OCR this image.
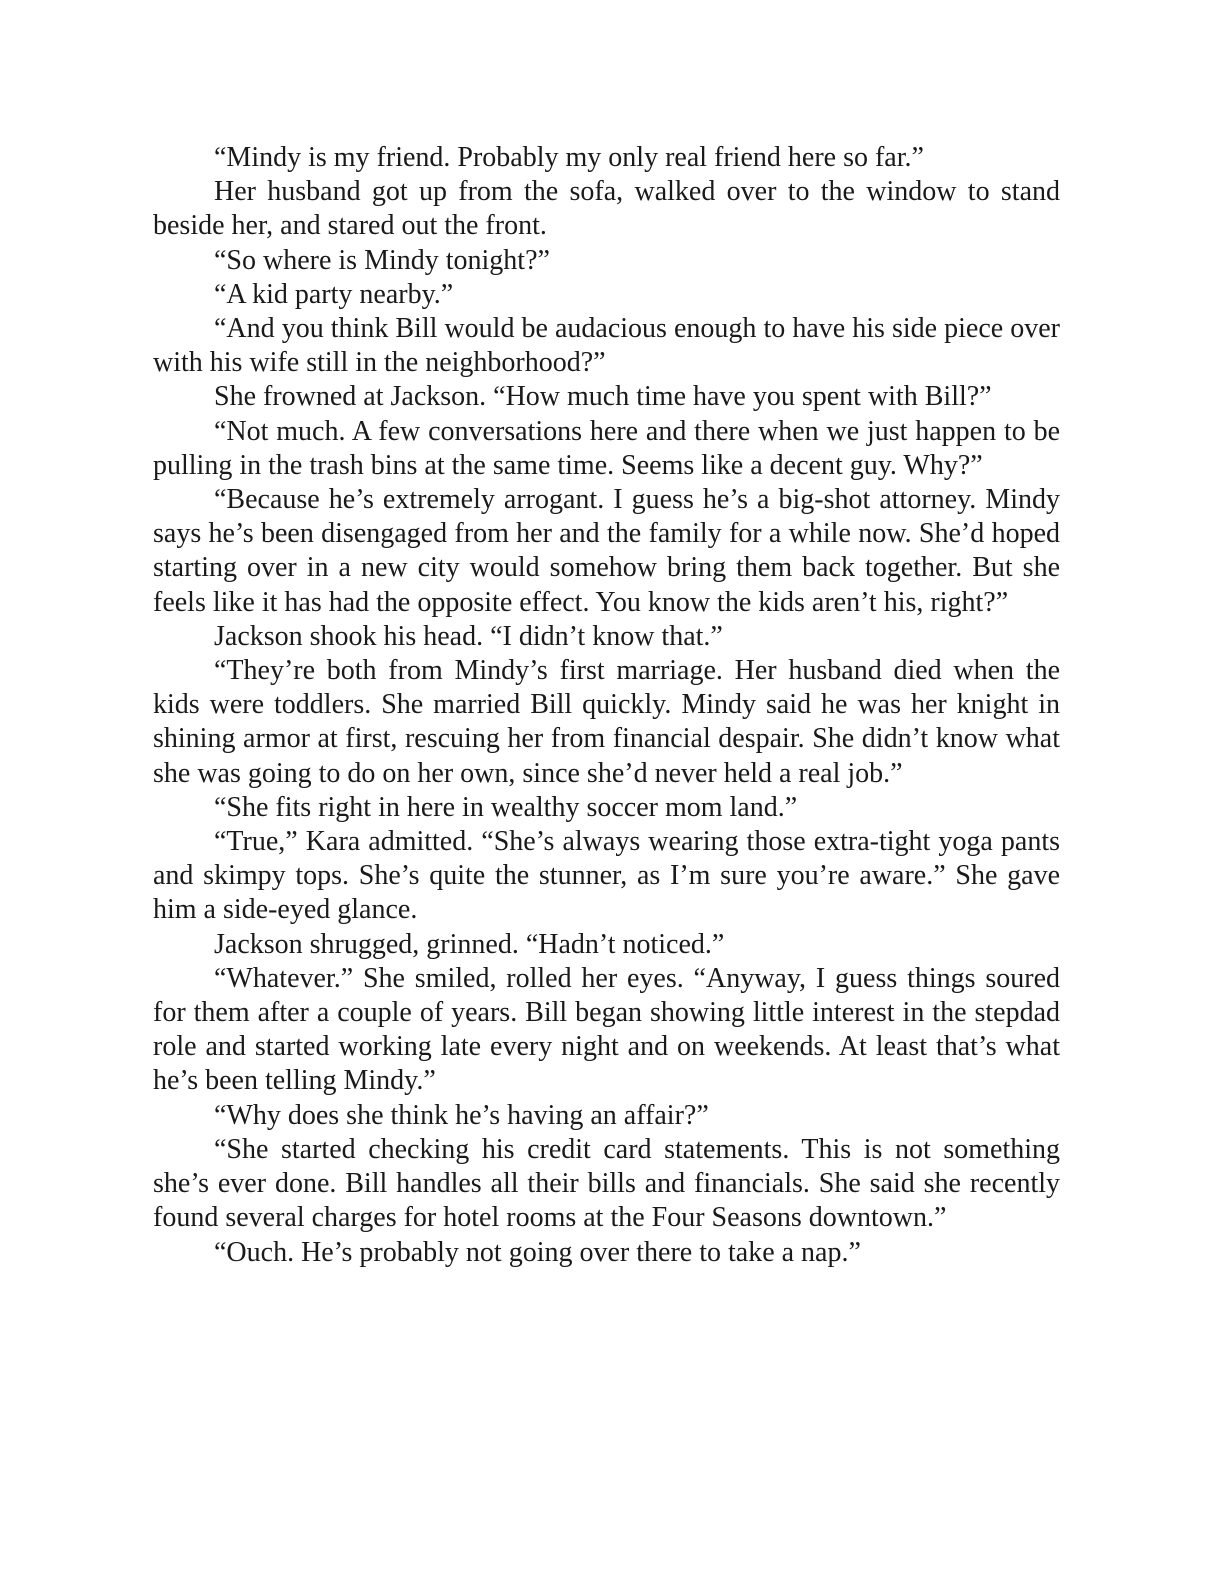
“Mindy is my friend. Probably my only real friend here so far.”

Her husband got up from the sofa, walked over to the window to stand beside her, and stared out the front.

“So where is Mindy tonight?”

“A kid party nearby.”

“And you think Bill would be audacious enough to have his side piece over with his wife still in the neighborhood?”

She frowned at Jackson. “How much time have you spent with Bill?”

“Not much. A few conversations here and there when we just happen to be pulling in the trash bins at the same time. Seems like a decent guy. Why?”

“Because he’s extremely arrogant. I guess he’s a big-shot attorney. Mindy says he’s been disengaged from her and the family for a while now. She’d hoped starting over in a new city would somehow bring them back together. But she feels like it has had the opposite effect. You know the kids aren’t his, right?”

Jackson shook his head. “I didn’t know that.”

“They’re both from Mindy’s first marriage. Her husband died when the kids were toddlers. She married Bill quickly. Mindy said he was her knight in shining armor at first, rescuing her from financial despair. She didn’t know what she was going to do on her own, since she’d never held a real job.”

“She fits right in here in wealthy soccer mom land.”

“True,” Kara admitted. “She’s always wearing those extra-tight yoga pants and skimpy tops. She’s quite the stunner, as I’m sure you’re aware.” She gave him a side-eyed glance.

Jackson shrugged, grinned. “Hadn’t noticed.”

“Whatever.” She smiled, rolled her eyes. “Anyway, I guess things soured for them after a couple of years. Bill began showing little interest in the stepdad role and started working late every night and on weekends. At least that’s what he’s been telling Mindy.”

“Why does she think he’s having an affair?”

“She started checking his credit card statements. This is not something she’s ever done. Bill handles all their bills and financials. She said she recently found several charges for hotel rooms at the Four Seasons downtown.”

“Ouch. He’s probably not going over there to take a nap.”
